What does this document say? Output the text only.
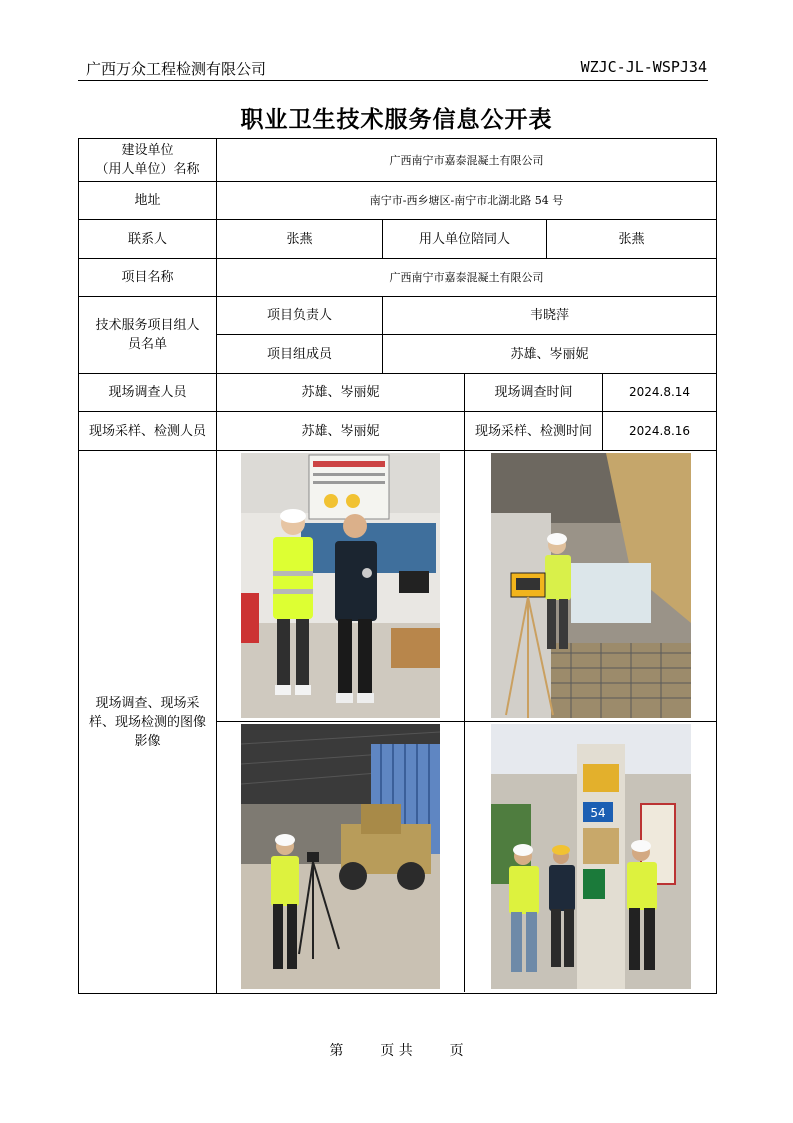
广西万众工程检测有限公司	WZJC-JL-WSPJ34
职业卫生技术服务信息公开表
建设单位
（用人单位）名称	广西南宁市嘉泰混凝土有限公司				
地址	南宁市-西乡塘区-南宁市北湖北路 54 号				
联系人	张燕	用人单位陪同人		张燕	
项目名称	广西南宁市嘉泰混凝土有限公司				

技术服务项目组人
员名单	项目负责人	韦晓萍			
	项目组成员	苏雄、岑丽妮			
现场调查人员	苏雄、岑丽妮		现场调查时间		2024.8.14
现场采样、检测人员	苏雄、岑丽妮		现场采样、检测时间		2024.8.16

现场调查、现场采
样、现场检测的图像
影像	54				
第	页 共	页
